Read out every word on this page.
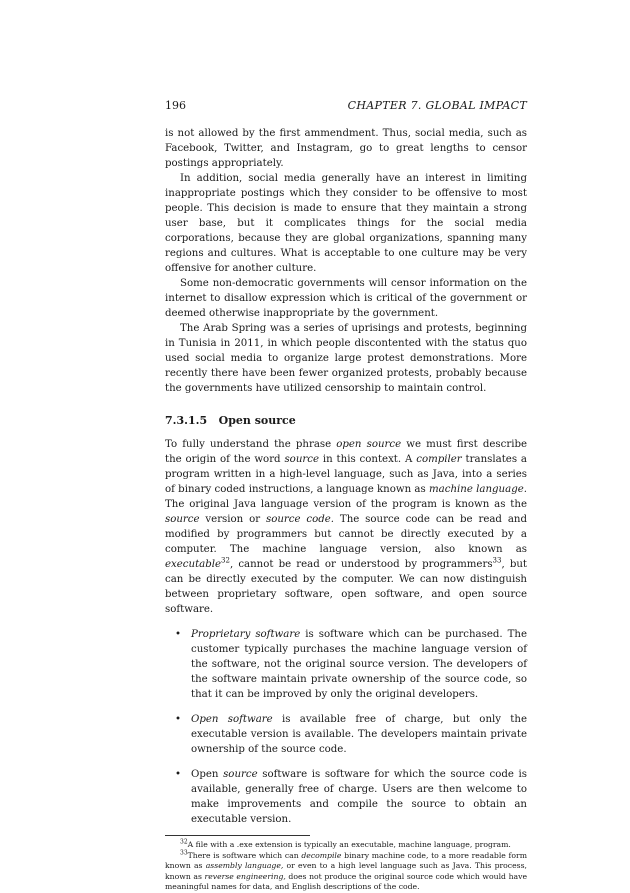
196	CHAPTER 7. GLOBAL IMPACT

is not allowed by the first ammendment. Thus, social media, such as Facebook, Twitter, and Instagram, go to great lengths to censor postings appropriately.

In addition, social media generally have an interest in limiting inappropriate postings which they consider to be offensive to most people. This decision is made to ensure that they maintain a strong user base, but it complicates things for the social media corporations, because they are global organizations, spanning many regions and cultures. What is acceptable to one culture may be very offensive for another culture.

Some non-democratic governments will censor information on the internet to disallow expression which is critical of the government or deemed otherwise inappropriate by the government.

The Arab Spring was a series of uprisings and protests, beginning in Tunisia in 2011, in which people discontented with the status quo used social media to organize large protest demonstrations. More recently there have been fewer organized protests, probably because the governments have utilized censorship to maintain control.

7.3.1.5 Open source

To fully understand the phrase open source we must first describe the origin of the word source in this context. A compiler translates a program written in a high-level language, such as Java, into a series of binary coded instructions, a language known as machine language. The original Java language version of the program is known as the source version or source code. The source code can be read and modified by programmers but cannot be directly executed by a computer. The machine language version, also known as executable$^{32}$, cannot be read or understood by programmers$^{33}$, but can be directly executed by the computer. We can now distinguish between proprietary software, open software, and open source software.

• Proprietary software is software which can be purchased. The customer typically purchases the machine language version of the software, not the original source version. The developers of the software maintain private ownership of the source code, so that it can be improved by only the original developers.
• Open software is available free of charge, but only the executable version is available. The developers maintain private ownership of the source code.
• Open source software is software for which the source code is available, generally free of charge. Users are then welcome to make improvements and compile the source to obtain an executable version.

$^{32}$A file with a .exe extension is typically an executable, machine language, program.

$^{33}$There is software which can decompile binary machine code, to a more readable form known as assembly language, or even to a high level language such as Java. This process, known as reverse engineering, does not produce the original source code which would have meaningful names for data, and English descriptions of the code.
